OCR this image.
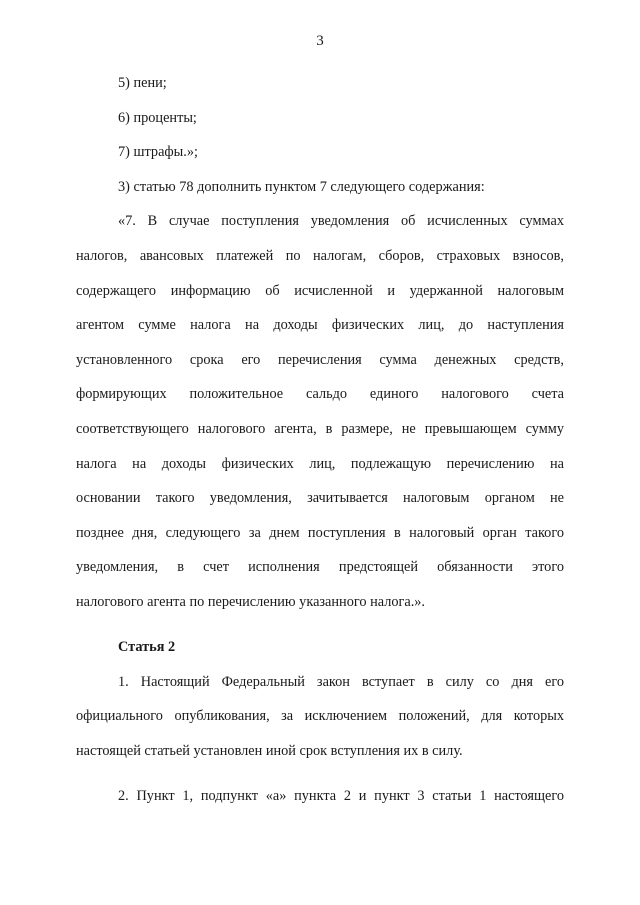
3
5) пени;
6) проценты;
7) штрафы.»;
3) статью 78 дополнить пунктом 7 следующего содержания:
«7. В случае поступления уведомления об исчисленных суммах
налогов, авансовых платежей по налогам, сборов, страховых взносов,
содержащего информацию об исчисленной и удержанной налоговым
агентом сумме налога на доходы физических лиц, до наступления
установленного срока его перечисления сумма денежных средств,
формирующих положительное сальдо единого налогового счета
соответствующего налогового агента, в размере, не превышающем сумму
налога на доходы физических лиц, подлежащую перечислению на
основании такого уведомления, зачитывается налоговым органом не
позднее дня, следующего за днем поступления в налоговый орган такого
уведомления, в счет исполнения предстоящей обязанности этого
налогового агента по перечислению указанного налога.».
Статья 2
1. Настоящий Федеральный закон вступает в силу со дня его
официального опубликования, за исключением положений, для которых
настоящей статьей установлен иной срок вступления их в силу.
2. Пункт 1, подпункт «а» пункта 2 и пункт 3 статьи 1 настоящего
